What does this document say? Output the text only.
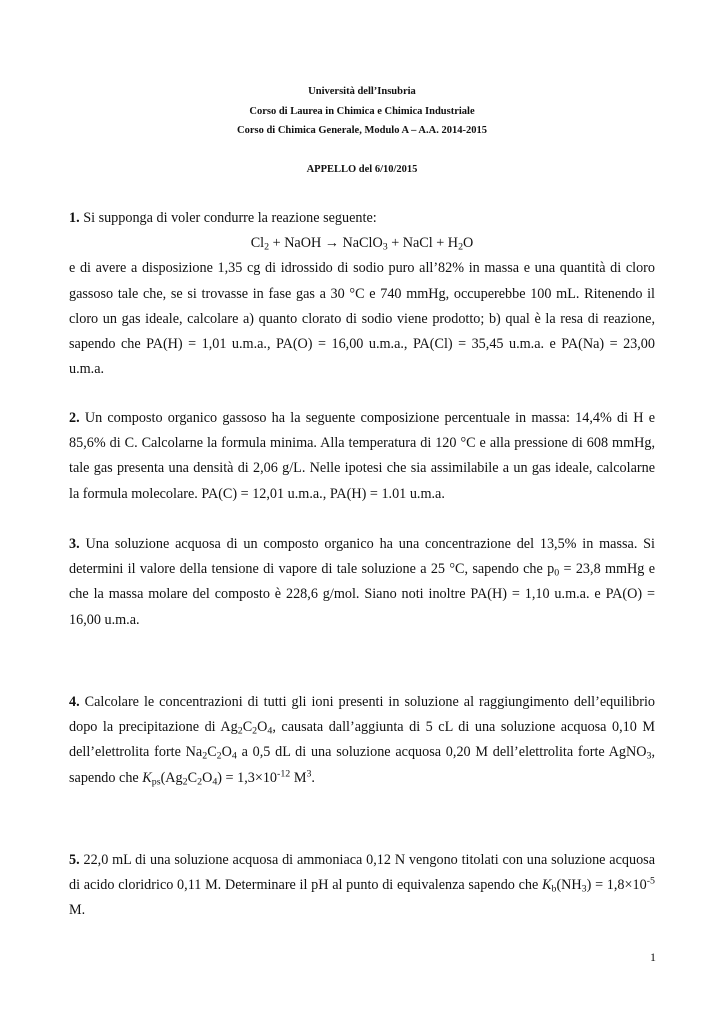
Università dell’Insubria
Corso di Laurea in Chimica e Chimica Industriale
Corso di Chimica Generale, Modulo A – A.A. 2014-2015
APPELLO del 6/10/2015
1. Si supponga di voler condurre la reazione seguente:
$Cl_2$ + NaOH → NaClO$_3$ + NaCl + $H_2O$
e di avere a disposizione 1,35 cg di idrossido di sodio puro all’82% in massa e una quantità di cloro gassoso tale che, se si trovasse in fase gas a 30 °C e 740 mmHg, occuperebbe 100 mL. Ritenendo il cloro un gas ideale, calcolare a) quanto clorato di sodio viene prodotto; b) qual è la resa di reazione, sapendo che PA(H) = 1,01 u.m.a., PA(O) = 16,00 u.m.a., PA(Cl) = 35,45 u.m.a. e PA(Na) = 23,00 u.m.a.
2. Un composto organico gassoso ha la seguente composizione percentuale in massa: 14,4% di H e 85,6% di C. Calcolarne la formula minima. Alla temperatura di 120 °C e alla pressione di 608 mmHg, tale gas presenta una densità di 2,06 g/L. Nelle ipotesi che sia assimilabile a un gas ideale, calcolarne la formula molecolare. PA(C) = 12,01 u.m.a., PA(H) = 1.01 u.m.a.
3. Una soluzione acquosa di un composto organico ha una concentrazione del 13,5% in massa. Si determini il valore della tensione di vapore di tale soluzione a 25 °C, sapendo che $p_0 = 23,8$ mmHg e che la massa molare del composto è 228,6 g/mol. Siano noti inoltre PA(H) = 1,10 u.m.a. e PA(O) = 16,00 u.m.a.
4. Calcolare le concentrazioni di tutti gli ioni presenti in soluzione al raggiungimento dell’equilibrio dopo la precipitazione di $Ag_2C_2O_4$, causata dall’aggiunta di 5 cL di una soluzione acquosa 0,10 M dell’elettrolita forte $Na_2C_2O_4$ a 0,5 dL di una soluzione acquosa 0,20 M dell’elettrolita forte AgNO$_3$, sapendo che $K_{ps}(Ag_2C_2O_4) = 1,3\times 10^{-12}$ $M^3$.
5. 22,0 mL di una soluzione acquosa di ammoniaca 0,12 N vengono titolati con una soluzione acquosa di acido cloridrico 0,11 M. Determinare il pH al punto di equivalenza sapendo che $K_b(NH_3) = 1,8\times 10^{-5}$ M.
1
